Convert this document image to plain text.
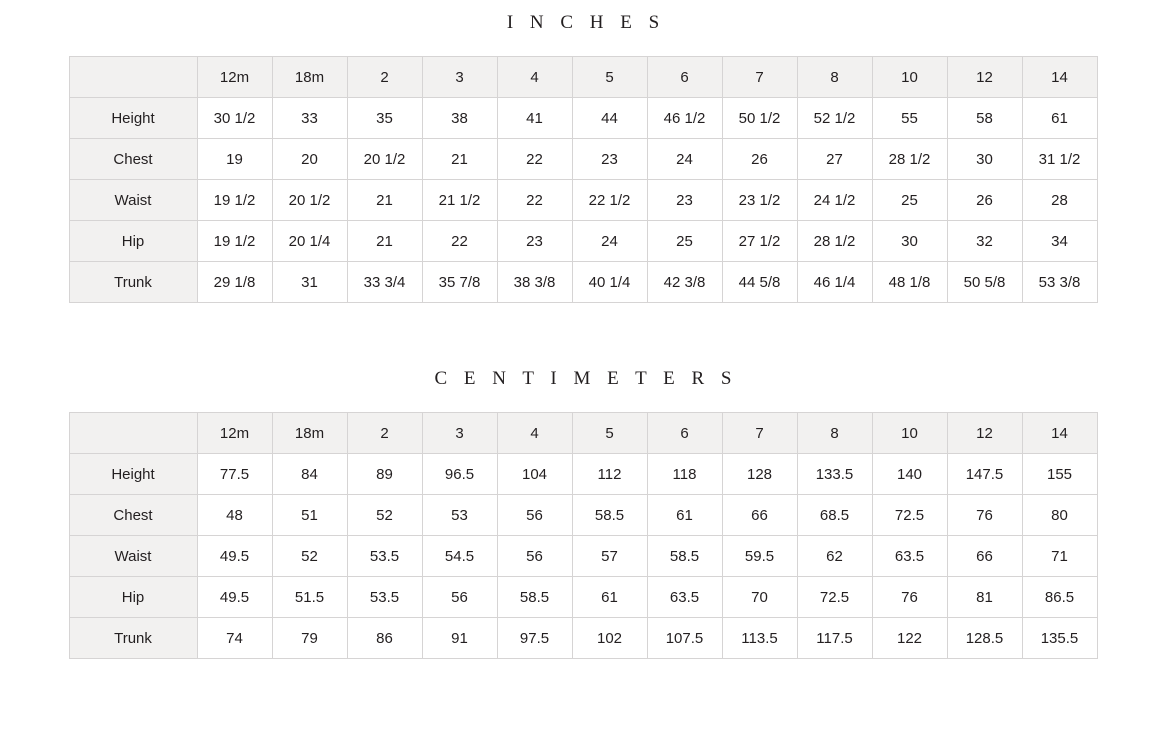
I N C H E S
	12m	18m	2	3	4	5	6	7	8	10	12	14
Height	30 1/2	33	35	38	41	44	46 1/2	50 1/2	52 1/2	55	58	61
Chest	19	20	20 1/2	21	22	23	24	26	27	28 1/2	30	31 1/2
Waist	19 1/2	20 1/2	21	21 1/2	22	22 1/2	23	23 1/2	24 1/2	25	26	28
Hip	19 1/2	20 1/4	21	22	23	24	25	27 1/2	28 1/2	30	32	34
Trunk	29 1/8	31	33 3/4	35 7/8	38 3/8	40 1/4	42 3/8	44 5/8	46 1/4	48 1/8	50 5/8	53 3/8
C E N T I M E T E R S
	12m	18m	2	3	4	5	6	7	8	10	12	14
Height	77.5	84	89	96.5	104	112	118	128	133.5	140	147.5	155
Chest	48	51	52	53	56	58.5	61	66	68.5	72.5	76	80
Waist	49.5	52	53.5	54.5	56	57	58.5	59.5	62	63.5	66	71
Hip	49.5	51.5	53.5	56	58.5	61	63.5	70	72.5	76	81	86.5
Trunk	74	79	86	91	97.5	102	107.5	113.5	117.5	122	128.5	135.5
